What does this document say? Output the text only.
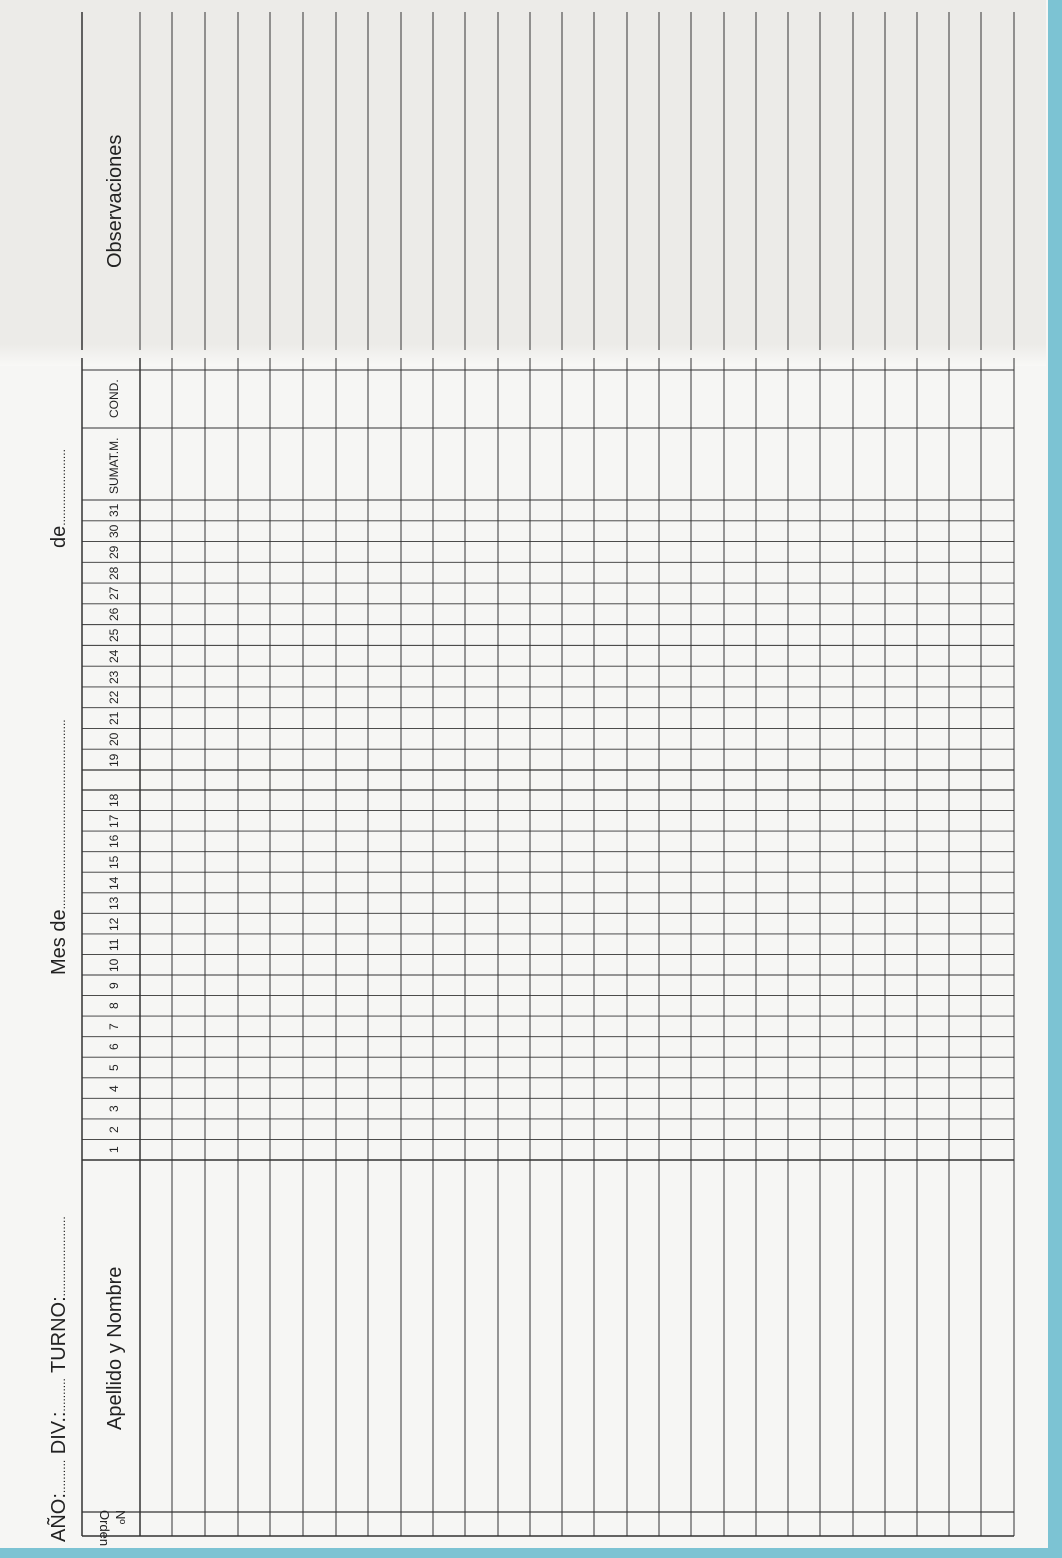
AÑO:.......... DIV.:.......... TURNO:........................
Mes de.........................................................
de.......................
Nº Orden
Apellido y Nombre
Observaciones
1
2
3
4
5
6
7
8
9
10
11
12
13
14
15
16
17
18
19
20
21
22
23
24
25
26
27
28
29
30
31
SUMAT.M.
COND.
